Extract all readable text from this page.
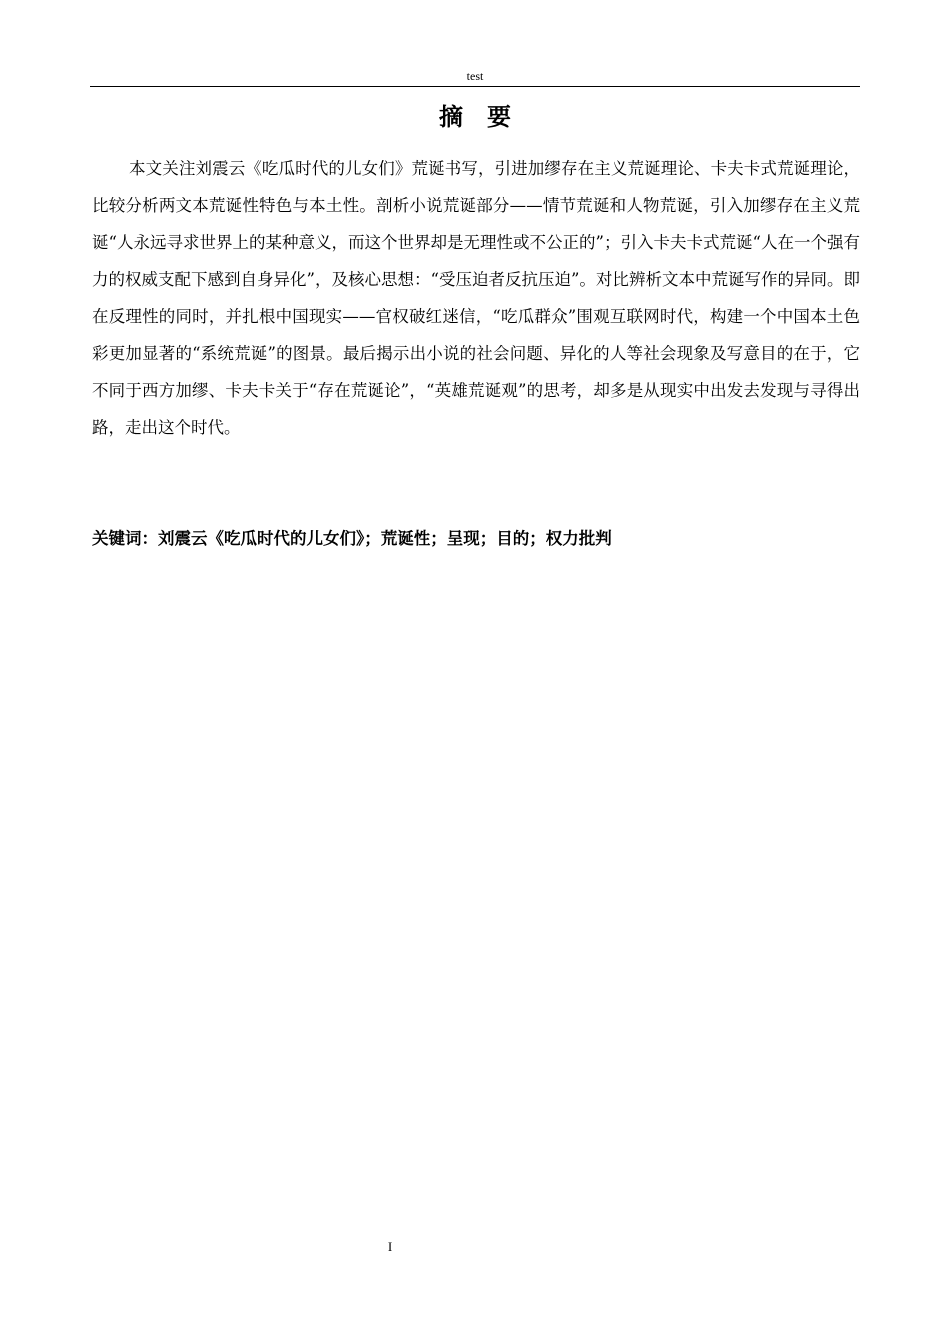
test
摘要

本文关注刘震云《吃瓜时代的儿女们》荒诞书写，引进加缪存在主义荒诞理论、卡夫卡式荒诞理论，比较分析两文本荒诞性特色与本土性。剖析小说荒诞部分——情节荒诞和人物荒诞，引入加缪存在主义荒诞“人永远寻求世界上的某种意义，而这个世界却是无理性或不公正的”；引入卡夫卡式荒诞“人在一个强有力的权威支配下感到自身异化”，及核心思想：“受压迫者反抗压迫”。对比辨析文本中荒诞写作的异同。即在反理性的同时，并扎根中国现实——官权破红迷信，“吃瓜群众”围观互联网时代，构建一个中国本土色彩更加显著的“系统荒诞”的图景。最后揭示出小说的社会问题、异化的人等社会现象及写意目的在于，它不同于西方加缪、卡夫卡关于“存在荒诞论”，“英雄荒诞观”的思考，却多是从现实中出发去发现与寻得出路，走出这个时代。

关键词：刘震云《吃瓜时代的儿女们》；荒诞性；呈现；目的；权力批判

I
